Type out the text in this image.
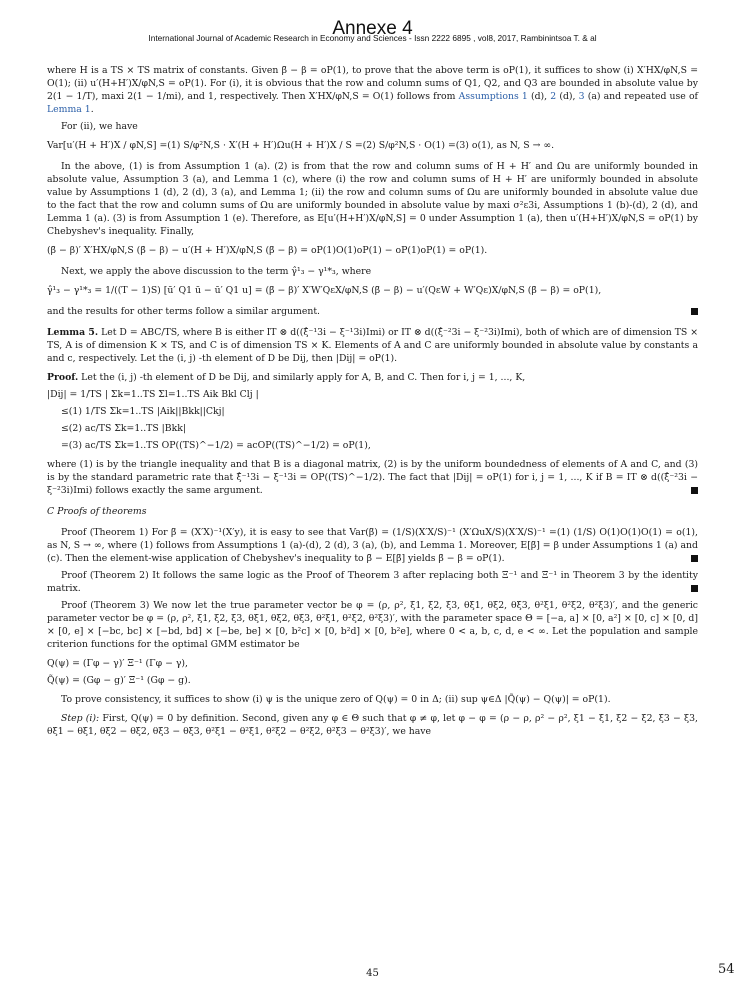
Annexe 4
International Journal of Academic Research in Economy and Sciences - Issn 2222 6895 , vol8, 2017, Rambinintsoa T. & al

where H is a TS × TS matrix of constants. Given β̃ − β = oP(1), to prove that the above term is oP(1), it suffices to show (i) X′HX/φN,S = O(1); (ii) u′(H+H′)X/φN,S = oP(1). For (i), it is obvious that the row and column sums of Q1, Q2, and Q3 are bounded in absolute value by 2(1 − 1/T), maxi 2(1 − 1/mi), and 1, respectively. Then X′HX/φN,S = O(1) follows from Assumptions 1 (d), 2 (d), 3 (a) and repeated use of Lemma 1.

For (ii), we have

Var[u′(H + H′)X / φN,S] =(1) S/φ²N,S · X′(H + H′)Ωu(H + H′)X / S =(2) S/φ²N,S · O(1) =(3) o(1), as N, S → ∞.

In the above, (1) is from Assumption 1 (a). (2) is from that the row and column sums of H + H′ and Ωu are uniformly bounded in absolute value, Assumption 3 (a), and Lemma 1 (c), where (i) the row and column sums of H + H′ are uniformly bounded in absolute value by Assumptions 1 (d), 2 (d), 3 (a), and Lemma 1; (ii) the row and column sums of Ωu are uniformly bounded in absolute value due to the fact that the row and column sums of Ωu are uniformly bounded in absolute value by maxi σ²ε3i, Assumptions 1 (b)-(d), 2 (d), and Lemma 1 (a). (3) is from Assumption 1 (e). Therefore, as E[u′(H+H′)X/φN,S] = 0 under Assumption 1 (a), then u′(H+H′)X/φN,S = oP(1) by Chebyshev's inequality. Finally,

(β̃ − β)′ X′HX/φN,S (β̃ − β) − u′(H + H′)X/φN,S (β̃ − β) = oP(1)O(1)oP(1) − oP(1)oP(1) = oP(1).

Next, we apply the above discussion to the term γ̂¹₃ − γ¹*₃, where

γ̂¹₃ − γ¹*₃ = 1/((T − 1)S) [ū′ Q1 ū − ū′ Q1 u] = (β̃ − β)′ X′W′QεX/φN,S (β̃ − β) − u′(QεW + W′Qε)X/φN,S (β̃ − β) = oP(1),

and the results for other terms follow a similar argument.

Lemma 5. Let D = ABC/TS, where B is either IT ⊗ d((ξ̂⁻¹3i − ξ⁻¹3i)Imi) or IT ⊗ d((ξ̂⁻²3i − ξ⁻²3i)Imi), both of which are of dimension TS × TS, A is of dimension K × TS, and C is of dimension TS × K. Elements of A and C are uniformly bounded in absolute value by constants a and c, respectively. Let the (i, j) -th element of D be Dij, then |Dij| = oP(1).

Proof. Let the (i, j) -th element of D be Dij, and similarly apply for A, B, and C. Then for i, j = 1, ..., K,

|Dij| = 1/TS | Σk=1..TS Σl=1..TS Aik Bkl Clj |
≤(1) 1/TS Σk=1..TS |Aik||Bkk||Ckj|
≤(2) ac/TS Σk=1..TS |Bkk|
=(3) ac/TS Σk=1..TS OP((TS)^−1/2) = acOP((TS)^−1/2) = oP(1),

where (1) is by the triangle inequality and that B is a diagonal matrix, (2) is by the uniform boundedness of elements of A and C, and (3) is by the standard parametric rate that ξ̂⁻¹3i − ξ⁻¹3i = OP((TS)^−1/2). The fact that |Dij| = oP(1) for i, j = 1, ..., K if B = IT ⊗ d((ξ̂⁻²3i − ξ⁻²3i)Imi) follows exactly the same argument.

C Proofs of theorems

Proof (Theorem 1) For β̃ = (X′X)⁻¹(X′y), it is easy to see that Var(β̃) = (1/S)(X′X/S)⁻¹ (X′ΩuX/S)(X′X/S)⁻¹ =(1) (1/S) O(1)O(1)O(1) = o(1), as N, S → ∞, where (1) follows from Assumptions 1 (a)-(d), 2 (d), 3 (a), (b), and Lemma 1. Moreover, E[β̃] = β under Assumptions 1 (a) and (c). Then the element-wise application of Chebyshev's inequality to β̃ − E[β̃] yields β̃ − β = oP(1).

Proof (Theorem 2) It follows the same logic as the Proof of Theorem 3 after replacing both Ξ⁻¹ and Ξ̃⁻¹ in Theorem 3 by the identity matrix.

Proof (Theorem 3) We now let the true parameter vector be φ = (ρ, ρ², ξ1, ξ2, ξ3, θξ1, θξ2, θξ3, θ²ξ1, θ²ξ2, θ²ξ3)′, and the generic parameter vector be φ = (ρ, ρ², ξ1, ξ2, ξ3, θξ1, θξ2, θξ3, θ²ξ1, θ²ξ2, θ²ξ3)′, with the parameter space Θ = [−a, a] × [0, a²] × [0, c] × [0, d] × [0, e] × [−bc, bc] × [−bd, bd] × [−be, be] × [0, b²c] × [0, b²d] × [0, b²e], where 0 < a, b, c, d, e < ∞. Let the population and sample criterion functions for the optimal GMM estimator be

Q(ψ) = (Γφ − γ)′ Ξ⁻¹ (Γφ − γ),
Q̃(ψ) = (Gφ − g)′ Ξ̃⁻¹ (Gφ − g).

To prove consistency, it suffices to show (i) ψ is the unique zero of Q(ψ) = 0 in Δ; (ii) sup ψ∈Δ |Q̃(ψ) − Q(ψ)| = oP(1).

Step (i): First, Q(ψ) = 0 by definition. Second, given any φ ∈ Θ such that φ ≠ φ, let φ − φ = (ρ − ρ, ρ² − ρ², ξ1 − ξ1, ξ2 − ξ2, ξ3 − ξ3, θξ1 − θξ1, θξ2 − θξ2, θξ3 − θξ3, θ²ξ1 − θ²ξ1, θ²ξ2 − θ²ξ2, θ²ξ3 − θ²ξ3)′, we have

45	54
